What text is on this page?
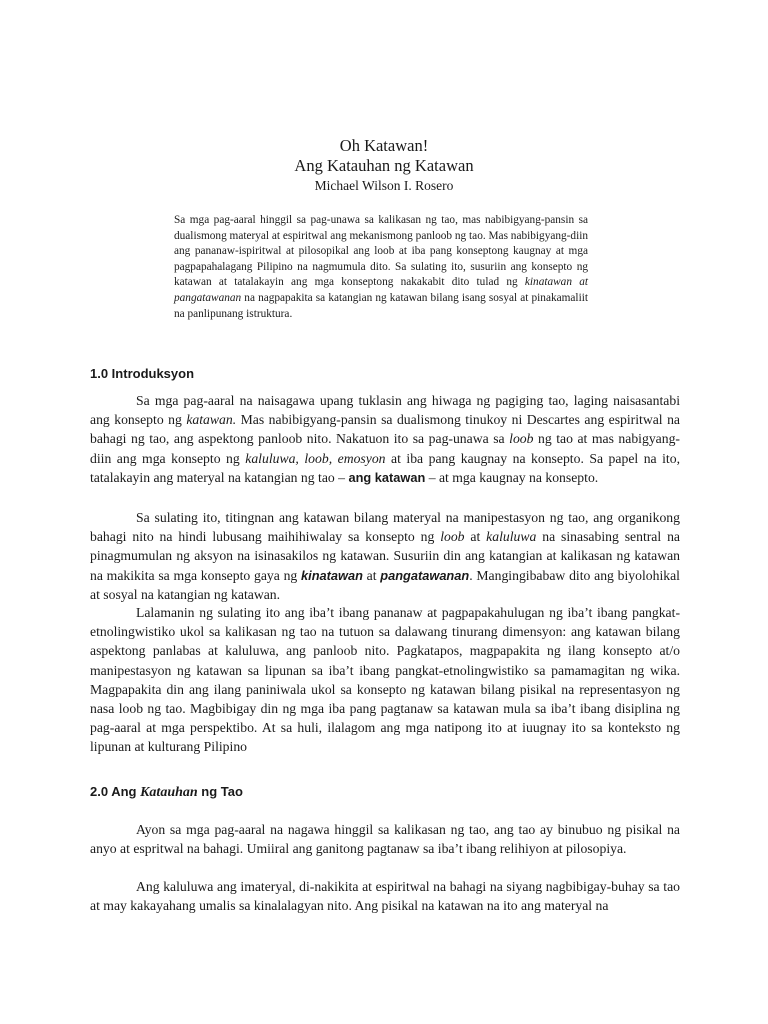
Oh Katawan!
Ang Katauhan ng Katawan
Michael Wilson I. Rosero

Sa mga pag-aaral hinggil sa pag-unawa sa kalikasan ng tao, mas nabibigyang-pansin sa dualismong materyal at espiritwal ang mekanismong panloob ng tao. Mas nabibigyang-diin ang pananaw-ispiritwal at pilosopikal ang loob at iba pang konseptong kaugnay at mga pagpapahalagang Pilipino na nagmumula dito. Sa sulating ito, susuriin ang konsepto ng katawan at tatalakayin ang mga konseptong nakakabit dito tulad ng kinatawan at pangatawanan na nagpapakita sa katangian ng katawan bilang isang sosyal at pinakamaliit na panlipunang istruktura.

1.0 Introduksyon

Sa mga pag-aaral na naisagawa upang tuklasin ang hiwaga ng pagiging tao, laging naisasantabi ang konsepto ng katawan. Mas nabibigyang-pansin sa dualismong tinukoy ni Descartes ang espiritwal na bahagi ng tao, ang aspektong panloob nito. Nakatuon ito sa pag-unawa sa loob ng tao at mas nabigyang-diin ang mga konsepto ng kaluluwa, loob, emosyon at iba pang kaugnay na konsepto. Sa papel na ito, tatalakayin ang materyal na katangian ng tao – ang katawan – at mga kaugnay na konsepto.

Sa sulating ito, titingnan ang katawan bilang materyal na manipestasyon ng tao, ang organikong bahagi nito na hindi lubusang maihihiwalay sa konsepto ng loob at kaluluwa na sinasabing sentral na pinagmumulan ng aksyon na isinasakilos ng katawan. Susuriin din ang katangian at kalikasan ng katawan na makikita sa mga konsepto gaya ng kinatawan at pangatawanan. Mangingibabaw dito ang biyolohikal at sosyal na katangian ng katawan.

Lalamanin ng sulating ito ang iba’t ibang pananaw at pagpapakahulugan ng iba’t ibang pangkat-etnolingwistiko ukol sa kalikasan ng tao na tutuon sa dalawang tinurang dimensyon: ang katawan bilang aspektong panlabas at kaluluwa, ang panloob nito. Pagkatapos, magpapakita ng ilang konsepto at/o manipestasyon ng katawan sa lipunan sa iba’t ibang pangkat-etnolingwistiko sa pamamagitan ng wika. Magpapakita din ang ilang paniniwala ukol sa konsepto ng katawan bilang pisikal na representasyon ng nasa loob ng tao. Magbibigay din ng mga iba pang pagtanaw sa katawan mula sa iba’t ibang disiplina ng pag-aaral at mga perspektibo. At sa huli, ilalagom ang mga natipong ito at iuugnay ito sa konteksto ng lipunan at kulturang Pilipino

2.0 Ang Katauhan ng Tao

Ayon sa mga pag-aaral na nagawa hinggil sa kalikasan ng tao, ang tao ay binubuo ng pisikal na anyo at espritwal na bahagi. Umiiral ang ganitong pagtanaw sa iba’t ibang relihiyon at pilosopiya.

Ang kaluluwa ang imateryal, di-nakikita at espiritwal na bahagi na siyang nagbibigay-buhay sa tao at may kakayahang umalis sa kinalalagyan nito. Ang pisikal na katawan na ito ang materyal na
